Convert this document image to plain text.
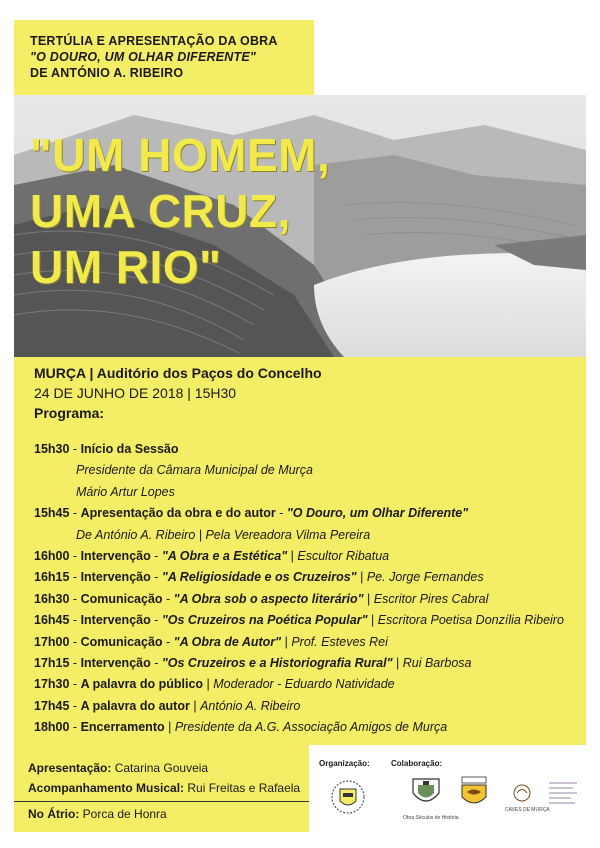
TERTÚLIA E APRESENTAÇÃO DA OBRA
"O DOURO, UM OLHAR DIFERENTE"
DE ANTÓNIO A. RIBEIRO
"UM HOMEM,
UMA CRUZ,
UM RIO"
MURÇA | Auditório dos Paços do Concelho
24 DE JUNHO DE 2018 | 15H30
Programa:
15h30 - Início da Sessão
Presidente da Câmara Municipal de Murça
Mário Artur Lopes
15h45 - Apresentação da obra e do autor - "O Douro, um Olhar Diferente"
De António A. Ribeiro | Pela Vereadora Vilma Pereira
16h00 - Intervenção - "A Obra e a Estética" | Escultor Ribatua
16h15 - Intervenção - "A Religiosidade e os Cruzeiros" | Pe. Jorge Fernandes
16h30 - Comunicação - "A Obra sob o aspecto literário" | Escritor Pires Cabral
16h45 - Intervenção - "Os Cruzeiros na Poética Popular" | Escritora Poetisa Donzília Ribeiro
17h00 - Comunicação - "A Obra de Autor" | Prof. Esteves Rei
17h15 - Intervenção - "Os Cruzeiros e a Historiografia Rural" | Rui Barbosa
17h30 - A palavra do público | Moderador - Eduardo Natividade
17h45 - A palavra do autor | António A. Ribeiro
18h00 - Encerramento | Presidente da A.G. Associação Amigos de Murça
Apresentação: Catarina Gouveia
Acompanhamento Musical: Rui Freitas e Rafaela
No Átrio: Porca de Honra
Organização:	Colaboração:
Obra Séculos de História
CAVES DE MURÇA
